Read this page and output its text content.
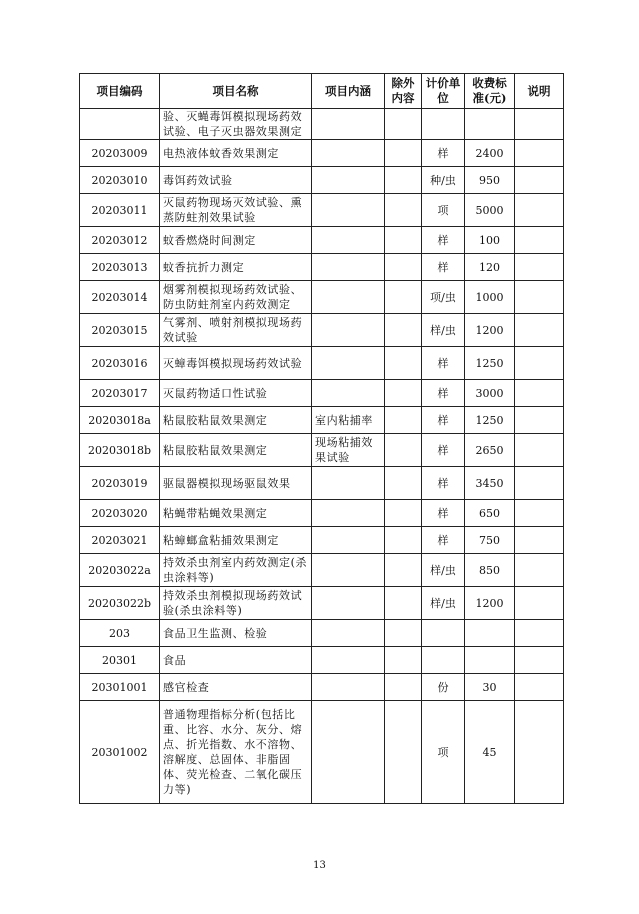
项目编码	项目名称	项目内涵	除外内容	计价单位	收费标准(元)	说明
	验、灭蝇毒饵模拟现场药效试验、电子灭虫器效果测定					
20203009	电热液体蚊香效果测定			样	2400	
20203010	毒饵药效试验			种/虫	950	
20203011	灭鼠药物现场灭效试验、熏蒸防蛀剂效果试验			项	5000	
20203012	蚊香燃烧时间测定			样	100	
20203013	蚊香抗折力测定			样	120	
20203014	烟雾剂模拟现场药效试验、防虫防蛀剂室内药效测定			项/虫	1000	
20203015	气雾剂、喷射剂模拟现场药效试验			样/虫	1200	
20203016	灭蟑毒饵模拟现场药效试验			样	1250	
20203017	灭鼠药物适口性试验			样	3000	
20203018a	粘鼠胶粘鼠效果测定	室内粘捕率		样	1250	
20203018b	粘鼠胶粘鼠效果测定	现场粘捕效果试验		样	2650	
20203019	驱鼠器模拟现场驱鼠效果			样	3450	
20203020	粘蝇带粘蝇效果测定			样	650	
20203021	粘蟑螂盒粘捕效果测定			样	750	
20203022a	持效杀虫剂室内药效测定(杀虫涂料等)			样/虫	850	
20203022b	持效杀虫剂模拟现场药效试验(杀虫涂料等)			样/虫	1200	
203	食品卫生监测、检验					
20301	食品					
20301001	感官检查			份	30	
20301002	普通物理指标分析(包括比重、比容、水分、灰分、熔点、折光指数、水不溶物、溶解度、总固体、非脂固体、荧光检查、二氧化碳压力等)			项	45	
13
